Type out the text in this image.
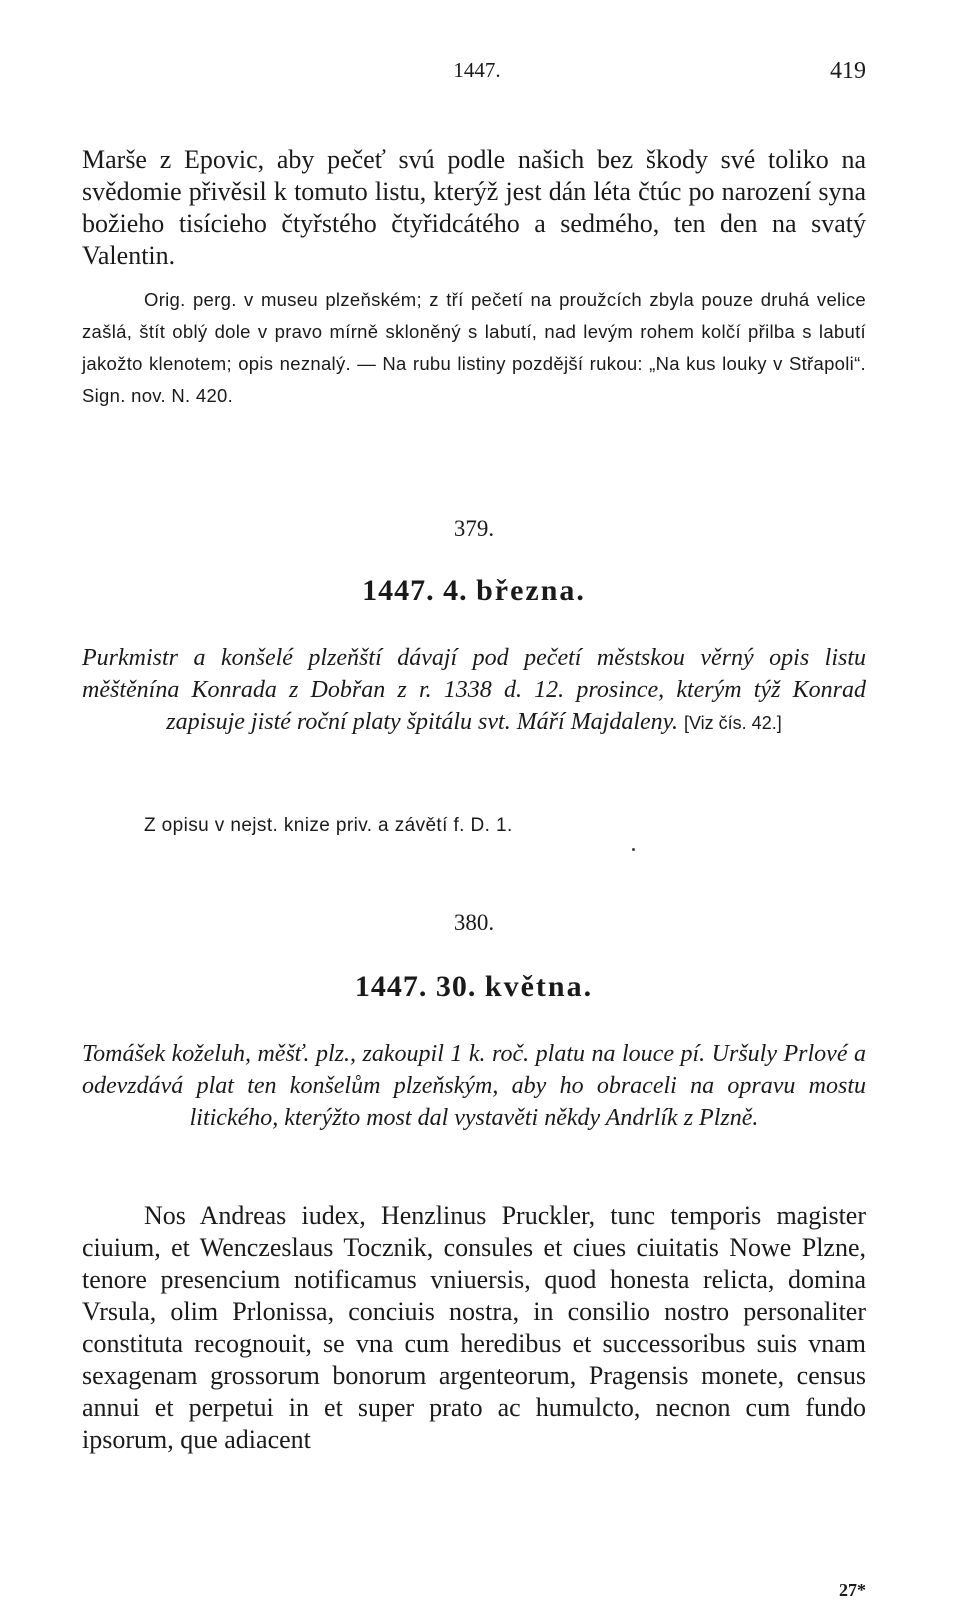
1447.	419

Marše z Epovic, aby pečeť svú podle našich bez škody své toliko na svědomie přivěsil k tomuto listu, kterýž jest dán léta čtúc po narození syna božieho tisícieho čtyřstého čtyřidcátého a sedmého, ten den na svatý Valentin.

Orig. perg. v museu plzeňském; z tří pečetí na proužcích zbyla pouze druhá velice zašlá, štít oblý dole v pravo mírně skloněný s labutí, nad levým rohem kolčí přilba s labutí jakožto klenotem; opis neznalý. — Na rubu listiny pozdější rukou: „Na kus louky v Střapoli“. Sign. nov. N. 420.

379.
1447. 4. března.
Purkmistr a konšelé plzeňští dávají pod pečetí městskou věrný opis listu měštěnína Konrada z Dobřan z r. 1338 d. 12. prosince, kterým týž Konrad zapisuje jisté roční platy špitálu svt. Máří Majdaleny. [Viz čís. 42.]
Z opisu v nejst. knize priv. a závětí f. D. 1.
380.
1447. 30. května.
Tomášek koželuh, měšť. plz., zakoupil 1 k. roč. platu na louce pí. Uršuly Prlové a odevzdává plat ten konšelům plzeňským, aby ho obraceli na opravu mostu litického, kterýžto most dal vystavěti někdy Andrlík z Plzně.

Nos Andreas iudex, Henzlinus Pruckler, tunc temporis magister ciuium, et Wenczeslaus Tocznik, consules et ciues ciuitatis Nowe Plzne, tenore presencium notificamus vniuersis, quod honesta relicta, domina Vrsula, olim Prlonissa, conciuis nostra, in consilio nostro personaliter constituta recognouit, se vna cum heredibus et successoribus suis vnam sexagenam grossorum bonorum argenteorum, Pragensis monete, census annui et perpetui in et super prato ac humulcto, necnon cum fundo ipsorum, que adiacent

27*
